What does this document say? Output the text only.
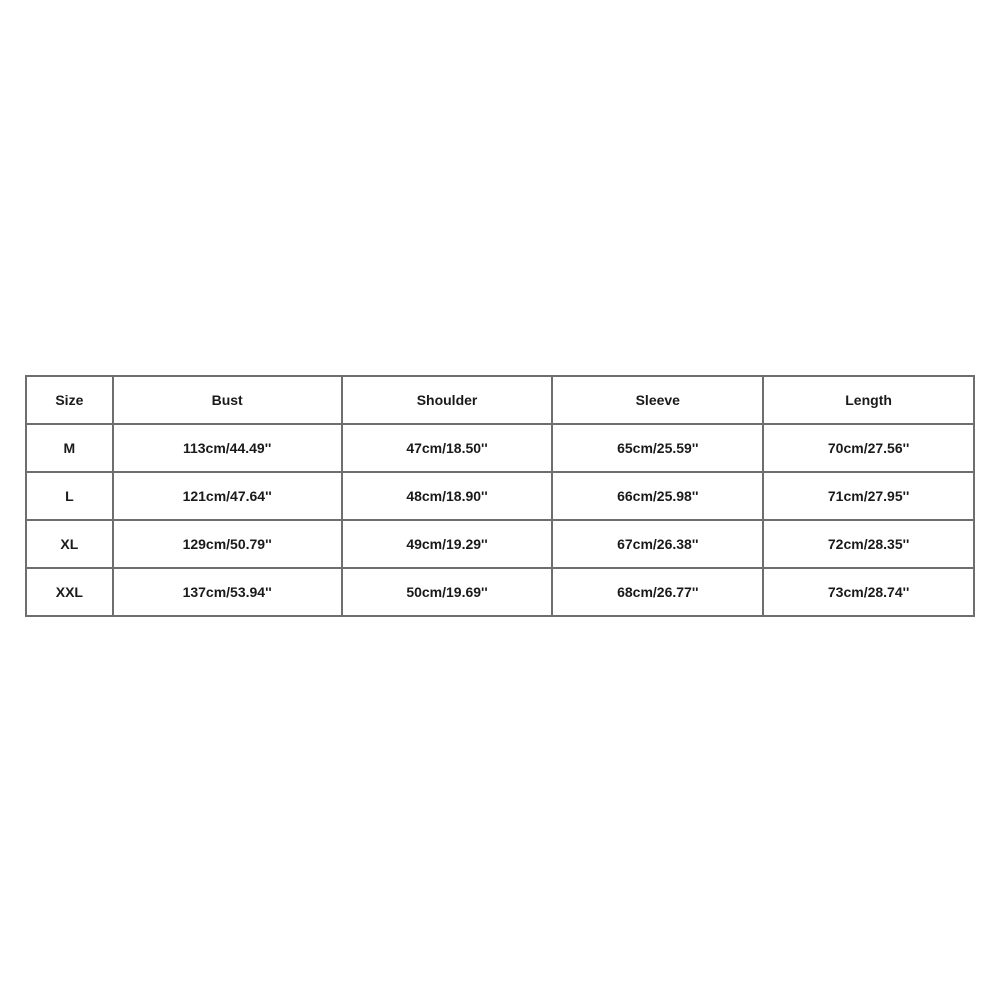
Size	Bust	Shoulder	Sleeve	Length
M	113cm/44.49''	47cm/18.50''	65cm/25.59''	70cm/27.56''
L	121cm/47.64''	48cm/18.90''	66cm/25.98''	71cm/27.95''
XL	129cm/50.79''	49cm/19.29''	67cm/26.38''	72cm/28.35''
XXL	137cm/53.94''	50cm/19.69''	68cm/26.77''	73cm/28.74''
